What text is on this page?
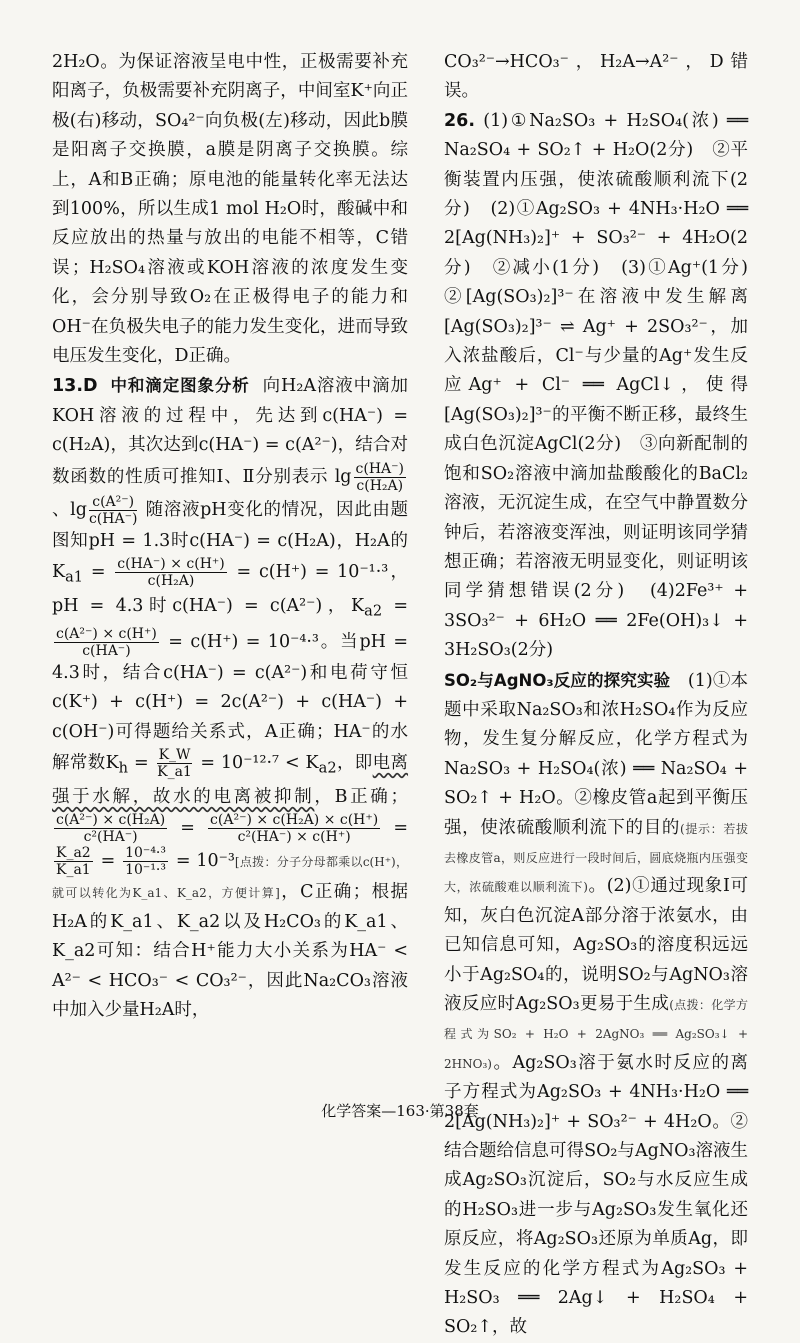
2H₂O。为保证溶液呈电中性，正极需要补充阳离子，负极需要补充阴离子，中间室K⁺向正极(右)移动，SO₄²⁻向负极(左)移动，因此b膜是阳离子交换膜，a膜是阴离子交换膜。综上，A和B正确；原电池的能量转化率无法达到100%，所以生成1 mol H₂O时，酸碱中和反应放出的热量与放出的电能不相等，C错误；H₂SO₄溶液或KOH溶液的浓度发生变化，会分别导致O₂在正极得电子的能力和OH⁻在负极失电子的能力发生变化，进而导致电压发生变化，D正确。

13.D 中和滴定图象分析 向H₂A溶液中滴加KOH溶液的过程中，先达到c(HA⁻) = c(H₂A)，其次达到c(HA⁻) = c(A²⁻)，结合对数函数的性质可推知Ⅰ、Ⅱ分别表示 $\lg \frac{c(HA^-)}{\text{c(H₂A)}}$
、$\lg \frac{\text{c(A²⁻)}}{c(HA^-)}$ 随溶液pH变化的情况，因此由题图知pH = 1.3时c(HA⁻) = c(H₂A)，H₂A的$K_{a1} = \frac{c(HA^-) \times c(H^+)}{\text{c(H₂A)}} = c(H^+) = 10^{-1}\cdot^3$，pH = 4.3时c(HA⁻) = c(A²⁻)，$K_{a2}$ =
$\frac{\text{c(A²⁻) × c(H⁺)}}{c(HA^-)} = c(H^+) = 10^{-4}\cdot^3$。当pH = 4.3时，结合c(HA⁻) = c(A²⁻)和电荷守恒c(K⁺) + c(H⁺) = 2c(A²⁻) + c(HA⁻) + c(OH⁻)可得题给关系式，A正确；HA⁻的水解常数$K_h = \frac{K\_W}{K\_a1} = 10^{-12}\cdot^7 < K_{a2}$，即电离强于水解，故水的电离被抑制，B正确；
$\frac{\text{c(A²⁻) × c(H₂A)}}{\text{c²(HA⁻)}} = \frac{\text{c(A²⁻) × c(H₂A) × c(H⁺)}}{\text{c²(HA⁻) × c(H⁺)}}$ =
$\frac{K\_a2}{K\_a1} = \frac{\text{10⁻⁴·³}}{\text{10⁻¹·³}} = 10^{-3}$[点拨：分子分母都乘以c(H⁺)，就可以转化为K_a1、K_a2，方便计算]，C正确；根据H₂A的K_a1、K_a2以及H₂CO₃的K_a1、K_a2可知：结合H⁺能力大小关系为HA⁻ < A²⁻ < HCO₃⁻ < CO₃²⁻，因此Na₂CO₃溶液中加入少量H₂A时，

CO₃²⁻→HCO₃⁻，H₂A→A²⁻，D错误。

26. (1)①Na₂SO₃ + H₂SO₄(浓) ══ Na₂SO₄ + SO₂↑ + H₂O(2分)　②平衡装置内压强，使浓硫酸顺利流下(2分)　(2)①Ag₂SO₃ + 4NH₃·H₂O ══ 2[Ag(NH₃)₂]⁺ + SO₃²⁻ + 4H₂O(2分)　②减小(1分)　(3)①Ag⁺(1分)　②[Ag(SO₃)₂]³⁻在溶液中发生解离[Ag(SO₃)₂]³⁻ ⇌ Ag⁺ + 2SO₃²⁻，加入浓盐酸后，Cl⁻与少量的Ag⁺发生反应Ag⁺ + Cl⁻ ══ AgCl↓，使得[Ag(SO₃)₂]³⁻的平衡不断正移，最终生成白色沉淀AgCl(2分)　③向新配制的饱和SO₂溶液中滴加盐酸酸化的BaCl₂溶液，无沉淀生成，在空气中静置数分钟后，若溶液变浑浊，则证明该同学猜想正确；若溶液无明显变化，则证明该同学猜想错误(2分)　(4)2Fe³⁺ + 3SO₃²⁻ + 6H₂O ══ 2Fe(OH)₃↓ + 3H₂SO₃(2分)

SO₂与AgNO₃反应的探究实验　(1)①本题中采取Na₂SO₃和浓H₂SO₄作为反应物，发生复分解反应，化学方程式为Na₂SO₃ + H₂SO₄(浓) ══ Na₂SO₄ + SO₂↑ + H₂O。②橡皮管a起到平衡压强，使浓硫酸顺利流下的目的(提示：若拔去橡皮管a，则反应进行一段时间后，圆底烧瓶内压强变大，浓硫酸难以顺利流下)。(2)①通过现象Ⅰ可知，灰白色沉淀A部分溶于浓氨水，由已知信息可知，Ag₂SO₃的溶度积远远小于Ag₂SO₄的，说明SO₂与AgNO₃溶液反应时Ag₂SO₃更易于生成(点拨：化学方程式为SO₂ + H₂O + 2AgNO₃ ══ Ag₂SO₃↓ + 2HNO₃)。Ag₂SO₃溶于氨水时反应的离子方程式为Ag₂SO₃ + 4NH₃·H₂O ══ 2[Ag(NH₃)₂]⁺ + SO₃²⁻ + 4H₂O。②结合题给信息可得SO₂与AgNO₃溶液生成Ag₂SO₃沉淀后，SO₂与水反应生成的H₂SO₃进一步与Ag₂SO₃发生氧化还原反应，将Ag₂SO₃还原为单质Ag，即发生反应的化学方程式为Ag₂SO₃ + H₂SO₃ ══ 2Ag↓ + H₂SO₄ + SO₂↑，故

化学答案—163·第38套
